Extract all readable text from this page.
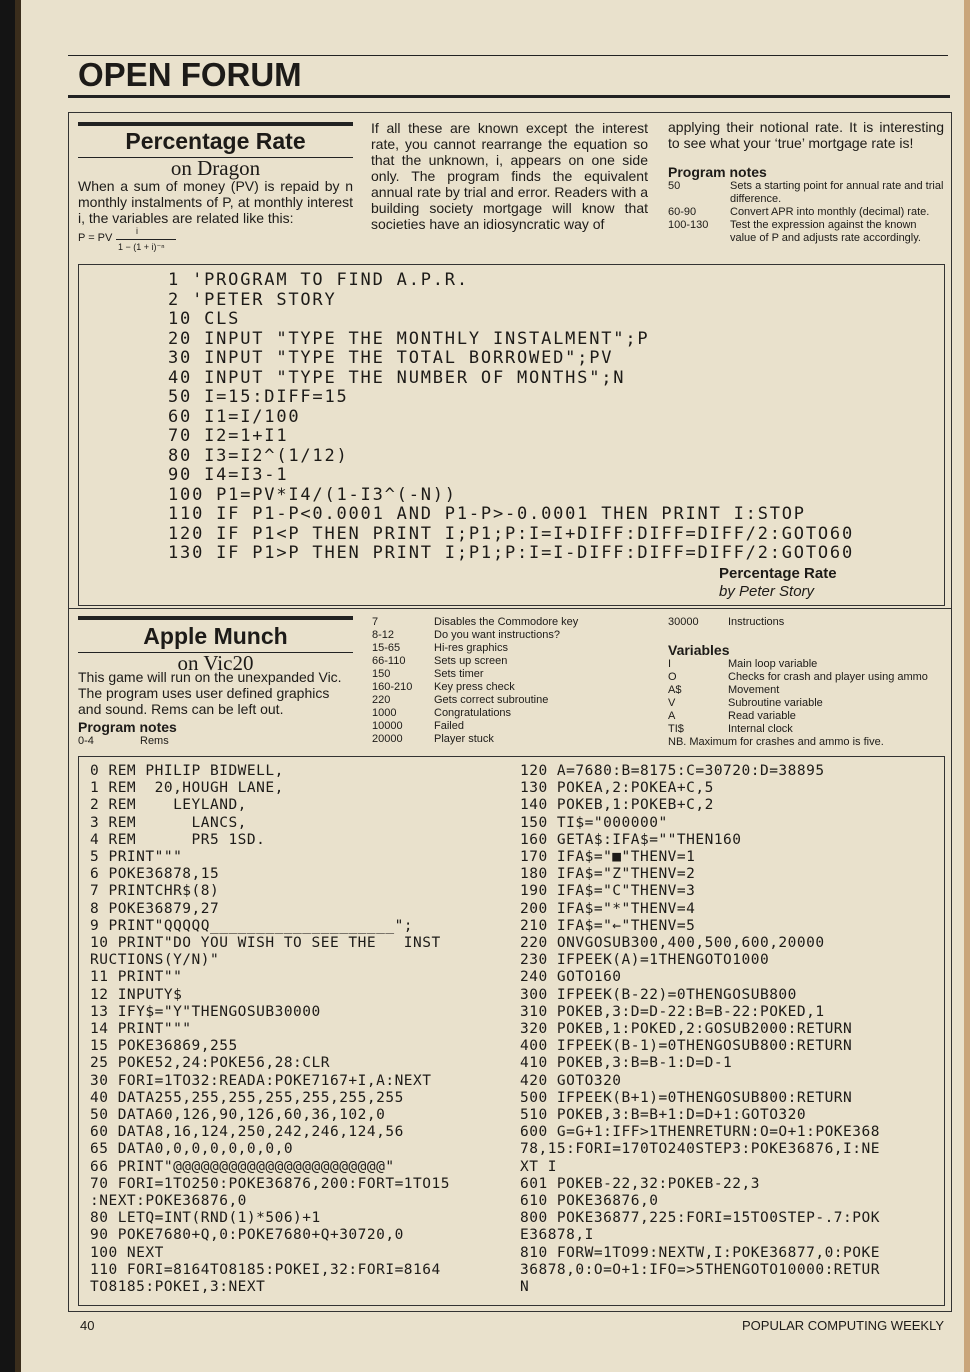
OPEN FORUM
Percentage Rate
on Dragon
When a sum of money (PV) is repaid by n monthly instalments of P, at monthly interest i, the variables are related like this:
P = PV
i
1 − (1 + i)⁻ⁿ
If all these are known except the interest rate, you cannot rearrange the equation so that the unknown, i, appears on one side only. The program finds the equivalent annual rate by trial and error. Readers with a building society mortgage will know that societies have an idiosyncratic way of
applying their notional rate. It is interesting to see what your ‘true’ mortgage rate is!
Program notes
50	Sets a starting point for annual rate and trial difference.
60-90	Convert APR into monthly (decimal) rate.
100-130	Test the expression against the known value of P and adjusts rate accordingly.
1 'PROGRAM TO FIND A.P.R.
2 'PETER STORY
10 CLS
20 INPUT "TYPE THE MONTHLY INSTALMENT";P
30 INPUT "TYPE THE TOTAL BORROWED";PV
40 INPUT "TYPE THE NUMBER OF MONTHS";N
50 I=15:DIFF=15
60 I1=I/100
70 I2=1+I1
80 I3=I2^(1/12)
90 I4=I3-1
100 P1=PV*I4/(1-I3^(-N))
110 IF P1-P<0.0001 AND P1-P>-0.0001 THEN PRINT I:STOP
120 IF P1<P THEN PRINT I;P1;P:I=I+DIFF:DIFF=DIFF/2:GOTO60
130 IF P1>P THEN PRINT I;P1;P:I=I-DIFF:DIFF=DIFF/2:GOTO60
Percentage Rate
by Peter Story
Apple Munch
on Vic20
This game will run on the unexpanded Vic. The program uses user defined graphics and sound. Rems can be left out.
Program notes
0-4	Rems
7	Disables the Commodore key
8-12	Do you want instructions?
15-65	Hi-res graphics
66-110	Sets up screen
150	Sets timer
160-210	Key press check
220	Gets correct subroutine
1000	Congratulations
10000	Failed
20000	Player stuck
30000	Instructions
Variables
I	Main loop variable
O	Checks for crash and player using ammo
A$	Movement
V	Subroutine variable
A	Read variable
TI$	Internal clock
NB. Maximum for crashes and ammo is five.
0 REM PHILIP BIDWELL,
1 REM  20,HOUGH LANE,
2 REM    LEYLAND,
3 REM      LANCS,
4 REM      PR5 1SD.
5 PRINT"""
6 POKE36878,15
7 PRINTCHR$(8)
8 POKE36879,27
9 PRINT"QQQQQ____________________";
10 PRINT"DO YOU WISH TO SEE THE   INST
RUCTIONS(Y/N)"
11 PRINT""
12 INPUTY$
13 IFY$="Y"THENGOSUB30000
14 PRINT"""
15 POKE36869,255
25 POKE52,24:POKE56,28:CLR
30 FORI=1TO32:READA:POKE7167+I,A:NEXT
40 DATA255,255,255,255,255,255,255
50 DATA60,126,90,126,60,36,102,0
60 DATA8,16,124,250,242,246,124,56
65 DATA0,0,0,0,0,0,0,0
66 PRINT"@@@@@@@@@@@@@@@@@@@@@@@"
70 FORI=1TO250:POKE36876,200:FORT=1TO15
:NEXT:POKE36876,0
80 LETQ=INT(RND(1)*506)+1
90 POKE7680+Q,0:POKE7680+Q+30720,0
100 NEXT
110 FORI=8164TO8185:POKEI,32:FORI=8164
TO8185:POKEI,3:NEXT
120 A=7680:B=8175:C=30720:D=38895
130 POKEA,2:POKEA+C,5
140 POKEB,1:POKEB+C,2
150 TI$="000000"
160 GETA$:IFA$=""THEN160
170 IFA$="■"THENV=1
180 IFA$="Z"THENV=2
190 IFA$="C"THENV=3
200 IFA$="*"THENV=4
210 IFA$="←"THENV=5
220 ONVGOSUB300,400,500,600,20000
230 IFPEEK(A)=1THENGOTO1000
240 GOTO160
300 IFPEEK(B-22)=0THENGOSUB800
310 POKEB,3:D=D-22:B=B-22:POKED,1
320 POKEB,1:POKED,2:GOSUB2000:RETURN
400 IFPEEK(B-1)=0THENGOSUB800:RETURN
410 POKEB,3:B=B-1:D=D-1
420 GOTO320
500 IFPEEK(B+1)=0THENGOSUB800:RETURN
510 POKEB,3:B=B+1:D=D+1:GOTO320
600 G=G+1:IFF>1THENRETURN:O=O+1:POKE368
78,15:FORI=170TO240STEP3:POKE36876,I:NE
XT I
601 POKEB-22,32:POKEB-22,3
610 POKE36876,0
800 POKE36877,225:FORI=15TO0STEP-.7:POK
E36878,I
810 FORW=1TO99:NEXTW,I:POKE36877,0:POKE
36878,0:O=O+1:IFO=>5THENGOTO10000:RETUR
N
40	POPULAR COMPUTING WEEKLY
